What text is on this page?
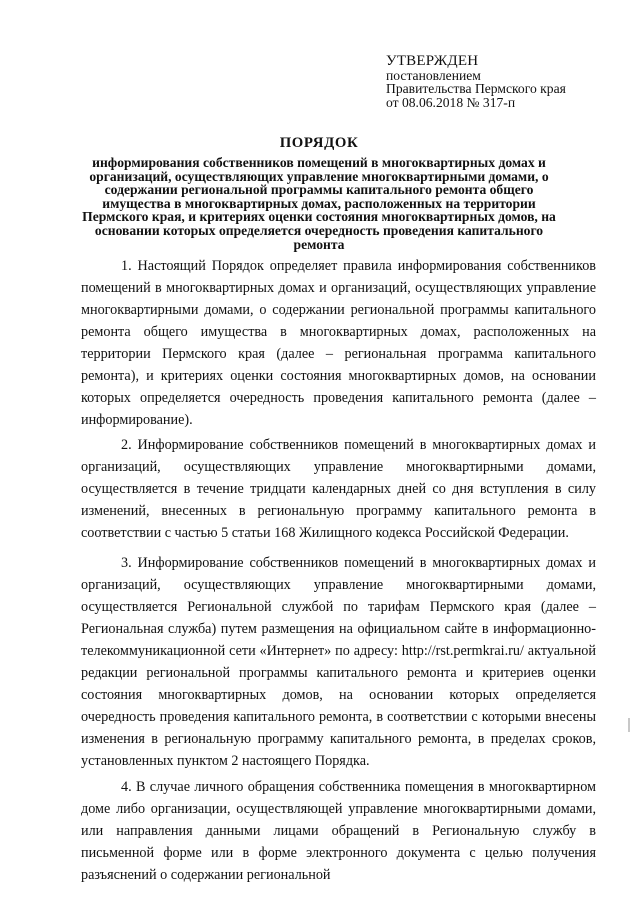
УТВЕРЖДЕН
постановлением
Правительства Пермского края
от 08.06.2018 № 317-п
ПОРЯДОК
информирования собственников помещений в многоквартирных домах и организаций, осуществляющих управление многоквартирными домами, о содержании региональной программы капитального ремонта общего имущества в многоквартирных домах, расположенных на территории Пермского края, и критериях оценки состояния многоквартирных домов, на основании которых определяется очередность проведения капитального ремонта

1. Настоящий Порядок определяет правила информирования собственников помещений в многоквартирных домах и организаций, осуществляющих управление многоквартирными домами, о содержании региональной программы капитального ремонта общего имущества в многоквартирных домах, расположенных на территории Пермского края (далее – региональная программа капитального ремонта), и критериях оценки состояния многоквартирных домов, на основании которых определяется очередность проведения капитального ремонта (далее – информирование).

2. Информирование собственников помещений в многоквартирных домах и организаций, осуществляющих управление многоквартирными домами, осуществляется в течение тридцати календарных дней со дня вступления в силу изменений, внесенных в региональную программу капитального ремонта в соответствии с частью 5 статьи 168 Жилищного кодекса Российской Федерации.

3. Информирование собственников помещений в многоквартирных домах и организаций, осуществляющих управление многоквартирными домами, осуществляется Региональной службой по тарифам Пермского края (далее – Региональная служба) путем размещения на официальном сайте в информационно-телекоммуникационной сети «Интернет» по адресу: http://rst.permkrai.ru/ актуальной редакции региональной программы капитального ремонта и критериев оценки состояния многоквартирных домов, на основании которых определяется очередность проведения капитального ремонта, в соответствии с которыми внесены изменения в региональную программу капитального ремонта, в пределах сроков, установленных пунктом 2 настоящего Порядка.

4. В случае личного обращения собственника помещения в многоквартирном доме либо организации, осуществляющей управление многоквартирными домами, или направления данными лицами обращений в Региональную службу в письменной форме или в форме электронного документа с целью получения разъяснений о содержании региональной
